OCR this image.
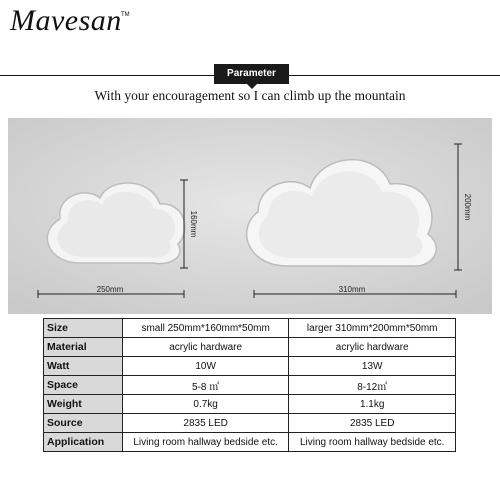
Mavesan TM
Parameter
With your encouragement so I can climb up the mountain
160mm
250mm
200mm
310mm
Size	small 250mm*160mm*50mm	larger 310mm*200mm*50mm
Material	acrylic hardware	acrylic hardware
Watt	10W	13W
Space	5-8 ㎡	8-12㎡
Weight	0.7kg	1.1kg
Source	2835 LED	2835 LED
Application	Living room hallway bedside etc.	Living room hallway bedside etc.
